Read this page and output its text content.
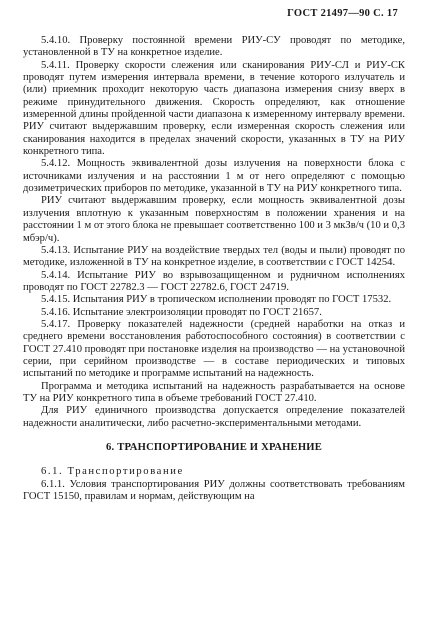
ГОСТ 21497—90 С. 17

5.4.10. Проверку постоянной времени РИУ-СУ проводят по методике, установленной в ТУ на конкретное изделие.

5.4.11. Проверку скорости слежения или сканирования РИУ-СЛ и РИУ-СК проводят путем измерения интервала времени, в течение которого излучатель и (или) приемник проходит некоторую часть диапазона измерения снизу вверх в режиме принудительного движения. Скорость определяют, как отношение измеренной длины пройденной части диапазона к измеренному интервалу времени. РИУ считают выдержавшим проверку, если измеренная скорость слежения или сканирования находится в пределах значений скорости, указанных в ТУ на РИУ конкретного типа.

5.4.12. Мощность эквивалентной дозы излучения на поверхности блока с источниками излучения и на расстоянии 1 м от него определяют с помощью дозиметрических приборов по методике, указанной в ТУ на РИУ конкретного типа.

РИУ считают выдержавшим проверку, если мощность эквивалентной дозы излучения вплотную к указанным поверхностям в положении хранения и на расстоянии 1 м от этого блока не превышает соответственно 100 и 3 мкЗв/ч (10 и 0,3 мбэр/ч).

5.4.13. Испытание РИУ на воздействие твердых тел (воды и пыли) проводят по методике, изложенной в ТУ на конкретное изделие, в соответствии с ГОСТ 14254.

5.4.14. Испытание РИУ во взрывозащищенном и рудничном исполнениях проводят по ГОСТ 22782.3 — ГОСТ 22782.6, ГОСТ 24719.

5.4.15. Испытания РИУ в тропическом исполнении проводят по ГОСТ 17532.

5.4.16. Испытание электроизоляции проводят по ГОСТ 21657.

5.4.17. Проверку показателей надежности (средней наработки на отказ и среднего времени восстановления работоспособного состояния) в соответствии с ГОСТ 27.410 проводят при постановке изделия на производство — на установочной серии, при серийном производстве — в составе периодических и типовых испытаний по методике и программе испытаний на надежность.

Программа и методика испытаний на надежность разрабатывается на основе ТУ на РИУ конкретного типа в объеме требований ГОСТ 27.410.

Для РИУ единичного производства допускается определение показателей надежности аналитически, либо расчетно-экспериментальными методами.

6. ТРАНСПОРТИРОВАНИЕ И ХРАНЕНИЕ

6.1. Транспортирование

6.1.1. Условия транспортирования РИУ должны соответствовать требованиям ГОСТ 15150, правилам и нормам, действующим на
